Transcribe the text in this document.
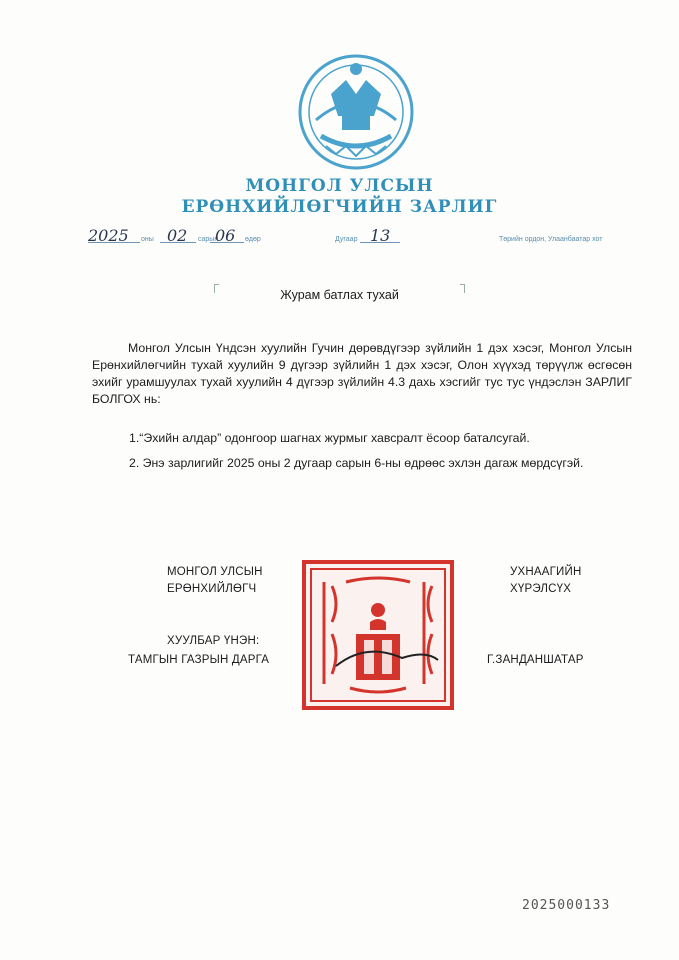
МОНГОЛ УЛСЫН
ЕРӨНХИЙЛӨГЧИЙН ЗАРЛИГ
2025 оны 02 сарын
06 өдөр	Дугаар 13	Төрийн ордон, Улаанбаатар хот
Журам батлах тухай
Монгол Улсын Үндсэн хуулийн Гучин дөрөвдүгээр зүйлийн 1 дэх хэсэг, Монгол Улсын Ерөнхийлөгчийн тухай хуулийн 9 дүгээр зүйлийн 1 дэх хэсэг, Олон хүүхэд төрүүлж өсгөсөн эхийг урамшуулах тухай хуулийн 4 дүгээр зүйлийн 4.3 дахь хэсгийг тус тус үндэслэн ЗАРЛИГ БОЛГОХ нь:
1.“Эхийн алдар” одонгоор шагнах журмыг хавсралт ёсоор баталсугай.
2. Энэ зарлигийг 2025 оны 2 дугаар сарын 6-ны өдрөөс эхлэн дагаж мөрдсүгэй.
МОНГОЛ УЛСЫН
ЕРӨНХИЙЛӨГЧ
УХНААГИЙН
ХҮРЭЛСҮХ
ХУУЛБАР ҮНЭН:
ТАМГЫН ГАЗРЫН ДАРГА	Г.ЗАНДАНШАТАР
2025000133
